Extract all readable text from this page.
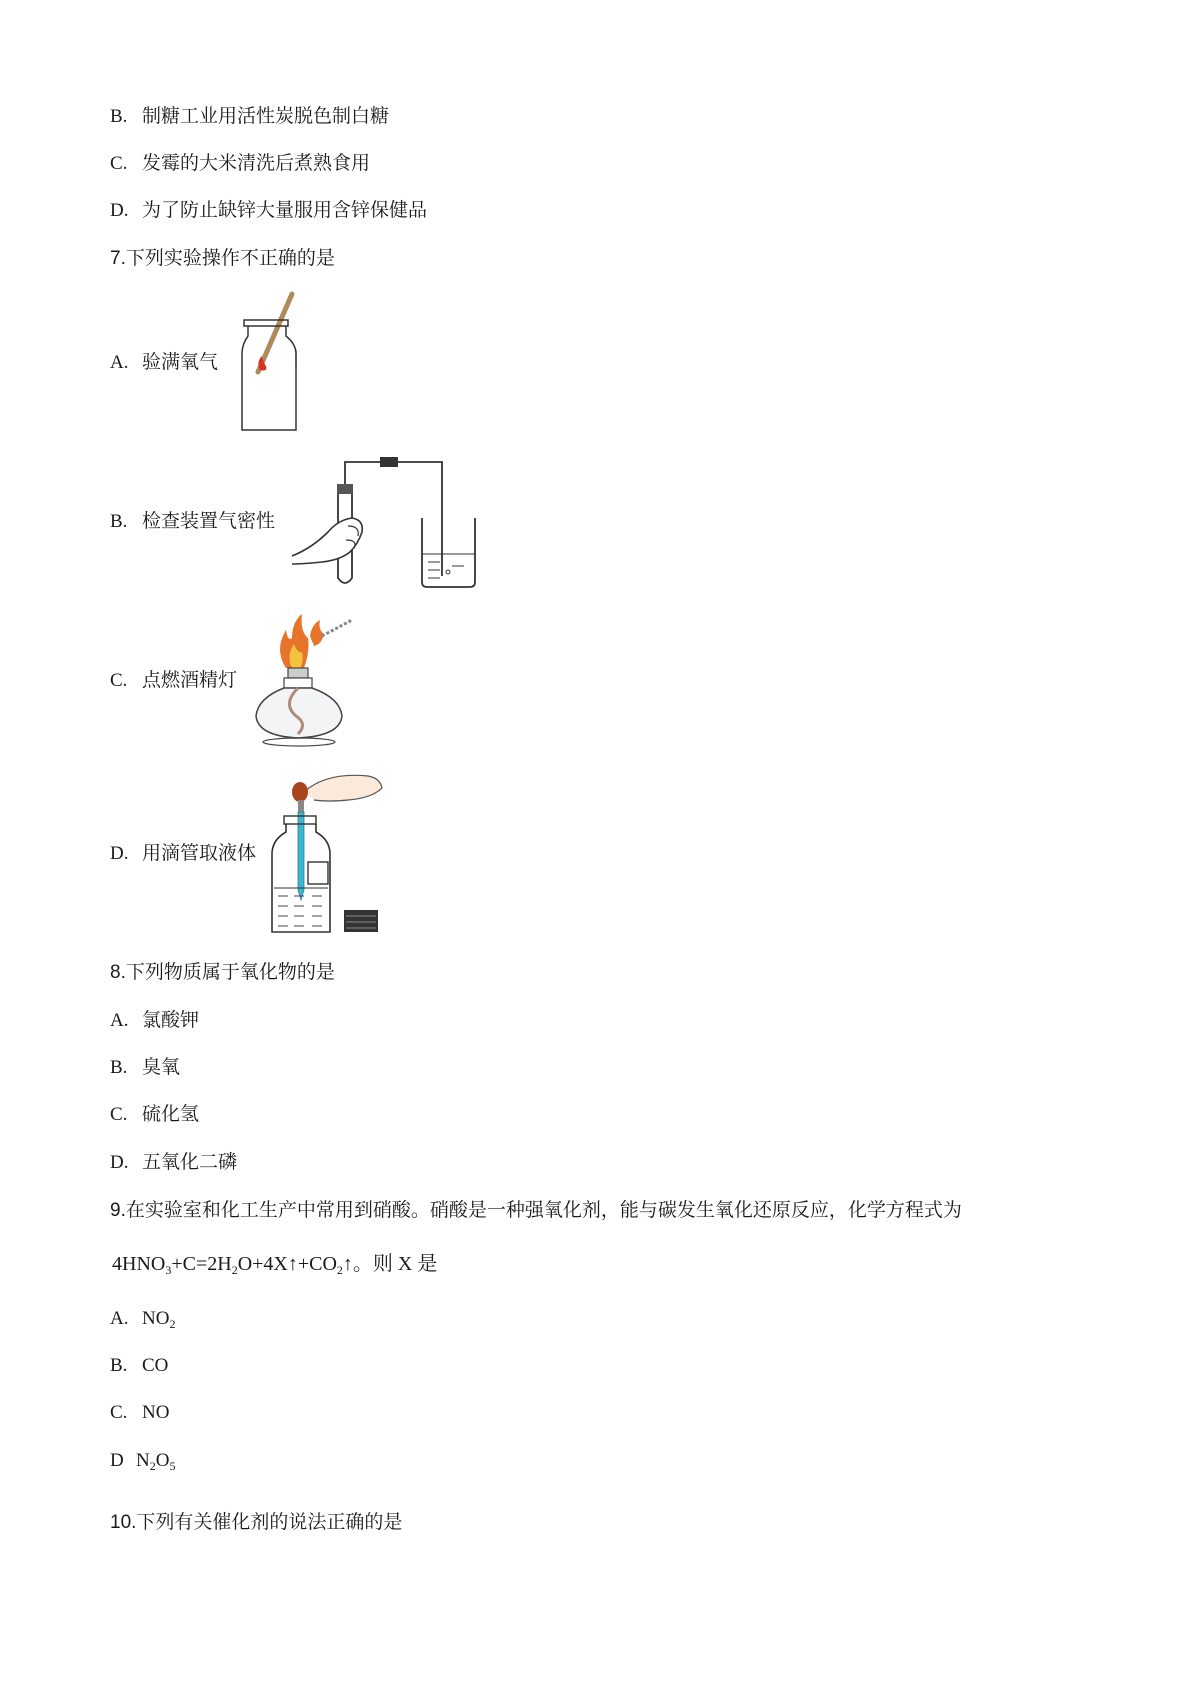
B. 制糖工业用活性炭脱色制白糖
C. 发霉的大米清洗后煮熟食用
D. 为了防止缺锌大量服用含锌保健品
7.下列实验操作不正确的是
A. 验满氧气
B. 检查装置气密性
C. 点燃酒精灯
D. 用滴管取液体
8.下列物质属于氧化物的是
A. 氯酸钾
B. 臭氧
C. 硫化氢
D. 五氧化二磷
9.在实验室和化工生产中常用到硝酸。硝酸是一种强氧化剂，能与碳发生氧化还原反应，化学方程式为
$4HNO_3+C=2H_2O+4X↑+CO_2↑$。则 X 是
A. $NO_2$
B. CO
C. NO
D $N_2O_5$
10.下列有关催化剂的说法正确的是
